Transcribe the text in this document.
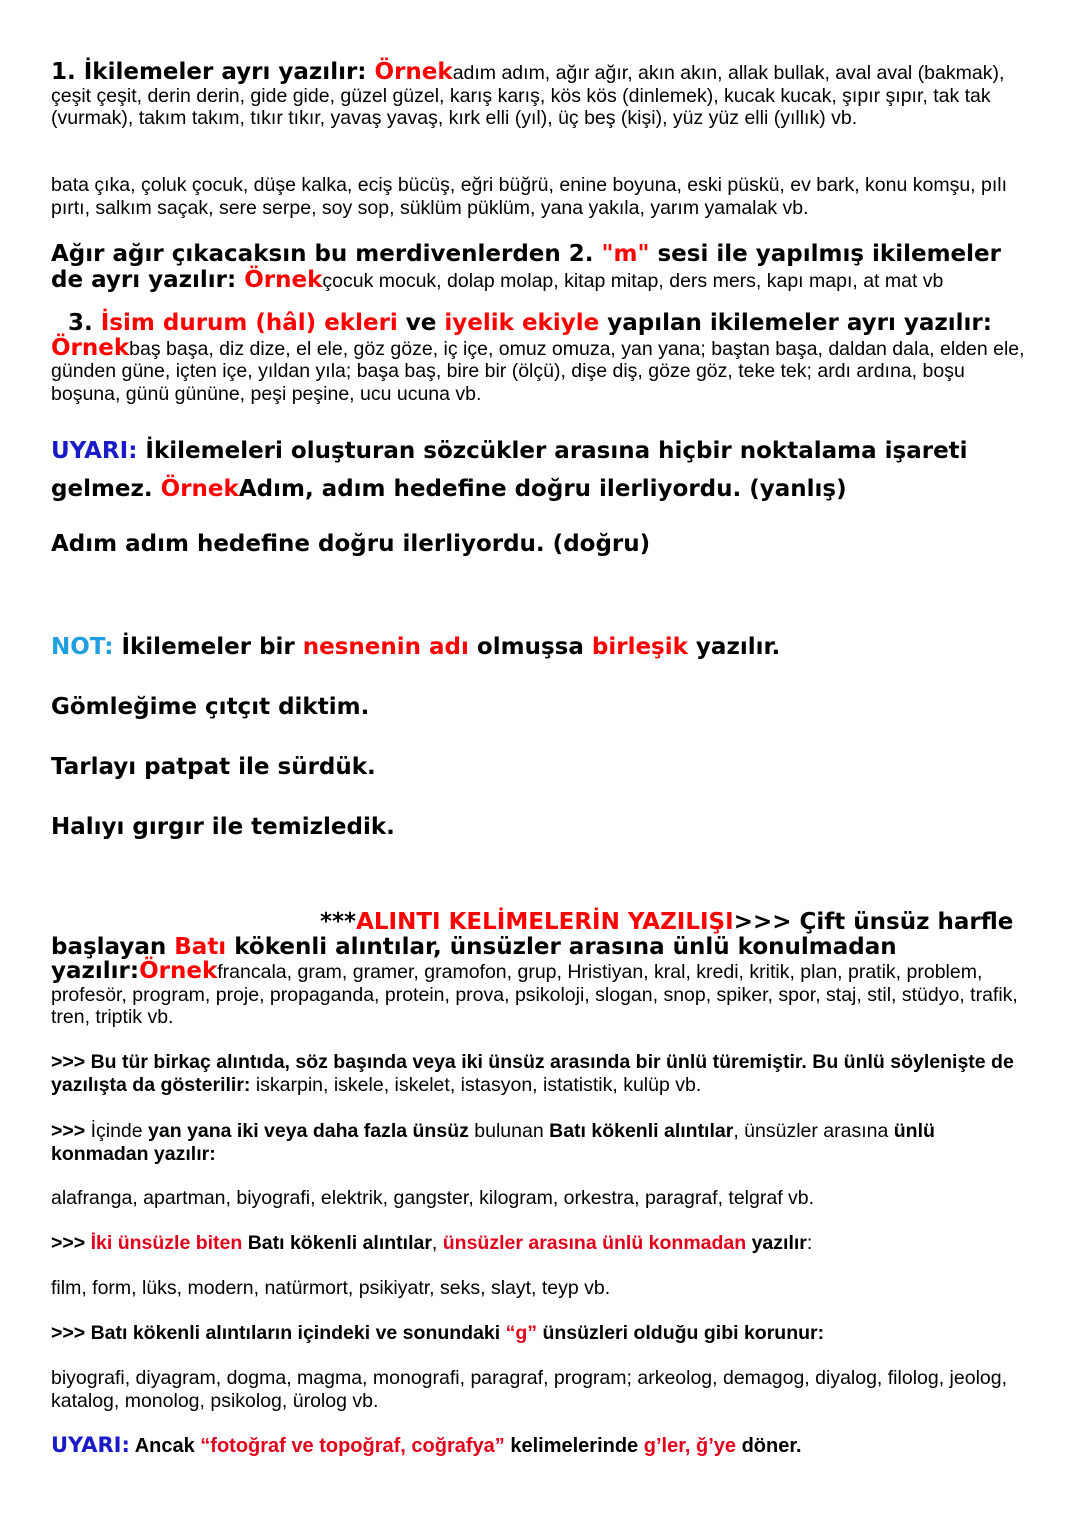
1. İkilemeler ayrı yazılır: Örnekadım adım, ağır ağır, akın akın, allak bullak, aval aval (bakmak), çeşit çeşit, derin derin, gide gide, güzel güzel, karış karış, kös kös (dinlemek), kucak kucak, şıpır şıpır, tak tak (vurmak), takım takım, tıkır tıkır, yavaş yavaş, kırk elli (yıl), üç beş (kişi), yüz yüz elli (yıllık) vb.

bata çıka, çoluk çocuk, düşe kalka, eciş bücüş, eğri büğrü, enine boyuna, eski püskü, ev bark, konu komşu, pılı pırtı, salkım saçak, sere serpe, soy sop, süklüm püklüm, yana yakıla, yarım yamalak vb.

Ağır ağır çıkacaksın bu merdivenlerden 2. "m" sesi ile yapılmış ikilemeler de ayrı yazılır: Örnekçocuk mocuk, dolap molap, kitap mitap, ders mers, kapı mapı, at mat vb

3. İsim durum (hâl) ekleri ve iyelik ekiyle yapılan ikilemeler ayrı yazılır: Örnekbaş başa, diz dize, el ele, göz göze, iç içe, omuz omuza, yan yana; baştan başa, daldan dala, elden ele, günden güne, içten içe, yıldan yıla; başa baş, bire bir (ölçü), dişe diş, göze göz, teke tek; ardı ardına, boşu boşuna, günü gününe, peşi peşine, ucu ucuna vb.

UYARI: İkilemeleri oluşturan sözcükler arasına hiçbir noktalama işareti gelmez. ÖrnekAdım, adım hedefine doğru ilerliyordu. (yanlış)

Adım adım hedefine doğru ilerliyordu. (doğru)

NOT: İkilemeler bir nesnenin adı olmuşsa birleşik yazılır.

Gömleğime çıtçıt diktim.

Tarlayı patpat ile sürdük.

Halıyı gırgır ile temizledik.

***ALINTI KELİMELERİN YAZILIŞI>>> Çift ünsüz harfle başlayan Batı kökenli alıntılar, ünsüzler arasına ünlü konulmadan yazılır:Örnekfrancala, gram, gramer, gramofon, grup, Hristiyan, kral, kredi, kritik, plan, pratik, problem, profesör, program, proje, propaganda, protein, prova, psikoloji, slogan, snop, spiker, spor, staj, stil, stüdyo, trafik, tren, triptik vb.

>>> Bu tür birkaç alıntıda, söz başında veya iki ünsüz arasında bir ünlü türemiştir. Bu ünlü söylenişte de yazılışta da gösterilir: iskarpin, iskele, iskelet, istasyon, istatistik, kulüp vb.

>>> İçinde yan yana iki veya daha fazla ünsüz bulunan Batı kökenli alıntılar, ünsüzler arasına ünlü konmadan yazılır:

alafranga, apartman, biyografi, elektrik, gangster, kilogram, orkestra, paragraf, telgraf vb.

>>> İki ünsüzle biten Batı kökenli alıntılar, ünsüzler arasına ünlü konmadan yazılır:

film, form, lüks, modern, natürmort, psikiyatr, seks, slayt, teyp vb.

>>> Batı kökenli alıntıların içindeki ve sonundaki “g” ünsüzleri olduğu gibi korunur:

biyografi, diyagram, dogma, magma, monografi, paragraf, program; arkeolog, demagog, diyalog, filolog, jeolog, katalog, monolog, psikolog, ürolog vb.

UYARI: Ancak “fotoğraf ve topoğraf, coğrafya” kelimelerinde g’ler, ğ’ye döner.
